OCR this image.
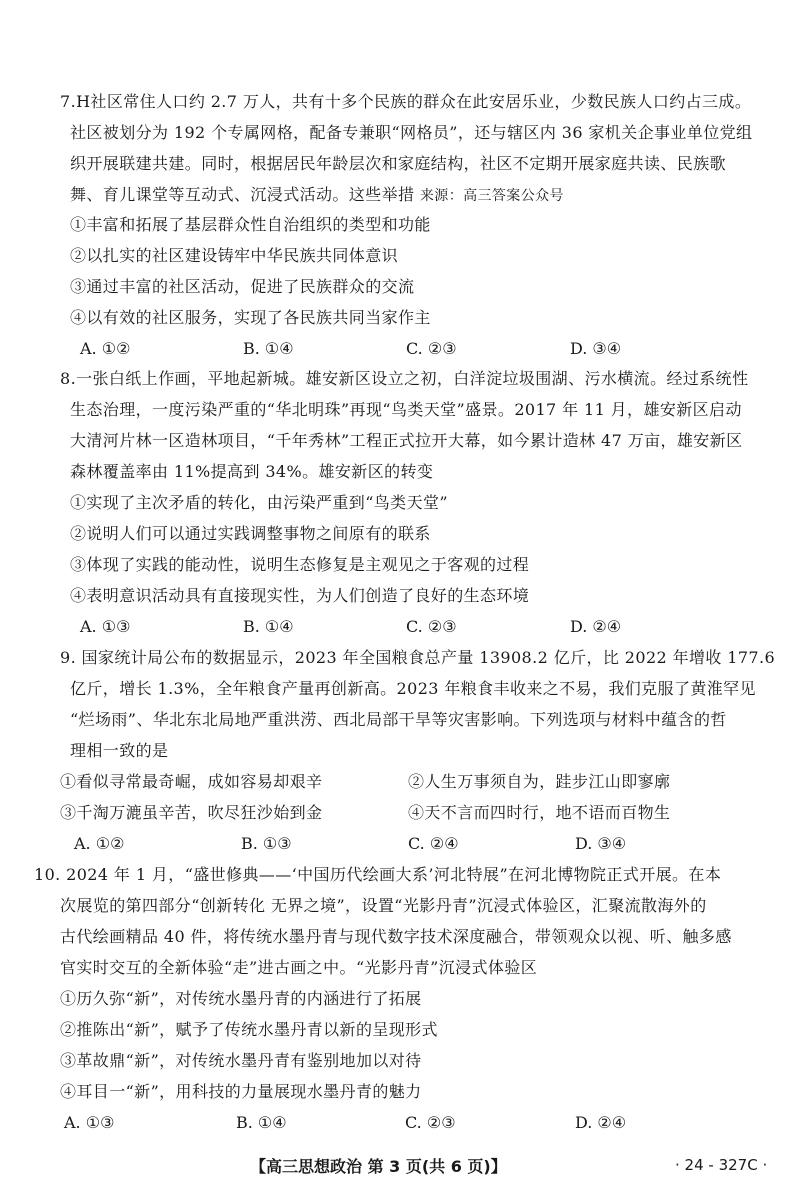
7.H社区常住人口约 2.7 万人，共有十多个民族的群众在此安居乐业，少数民族人口约占三成。
社区被划分为 192 个专属网格，配备专兼职“网格员”，还与辖区内 36 家机关企事业单位党组
织开展联建共建。同时，根据居民年龄层次和家庭结构，社区不定期开展家庭共读、民族歌
舞、育儿课堂等互动式、沉浸式活动。这些举措 来源：高三答案公众号
①丰富和拓展了基层群众性自治组织的类型和功能
②以扎实的社区建设铸牢中华民族共同体意识
③通过丰富的社区活动，促进了民族群众的交流
④以有效的社区服务，实现了各民族共同当家作主
A. ①②	B. ①④	C. ②③	D. ③④
8.一张白纸上作画，平地起新城。雄安新区设立之初，白洋淀垃圾围湖、污水横流。经过系统性
生态治理，一度污染严重的“华北明珠”再现“鸟类天堂”盛景。2017 年 11 月，雄安新区启动
大清河片林一区造林项目，“千年秀林”工程正式拉开大幕，如今累计造林 47 万亩，雄安新区
森林覆盖率由 11%提高到 34%。雄安新区的转变
①实现了主次矛盾的转化，由污染严重到“鸟类天堂”
②说明人们可以通过实践调整事物之间原有的联系
③体现了实践的能动性，说明生态修复是主观见之于客观的过程
④表明意识活动具有直接现实性，为人们创造了良好的生态环境
A. ①③	B. ①④	C. ②③	D. ②④
9. 国家统计局公布的数据显示，2023 年全国粮食总产量 13908.2 亿斤，比 2022 年增收 177.6
亿斤，增长 1.3%，全年粮食产量再创新高。2023 年粮食丰收来之不易，我们克服了黄淮罕见
“烂场雨”、华北东北局地严重洪涝、西北局部干旱等灾害影响。下列选项与材料中蕴含的哲
理相一致的是
①看似寻常最奇崛，成如容易却艰辛	②人生万事须自为，跬步江山即寥廓
③千淘万漉虽辛苦，吹尽狂沙始到金	④天不言而四时行，地不语而百物生
A. ①②	B. ①③	C. ②④	D. ③④
10. 2024 年 1 月，“盛世修典——‘中国历代绘画大系’河北特展”在河北博物院正式开展。在本
次展览的第四部分“创新转化 无界之境”，设置“光影丹青”沉浸式体验区，汇聚流散海外的
古代绘画精品 40 件，将传统水墨丹青与现代数字技术深度融合，带领观众以视、听、触多感
官实时交互的全新体验“走”进古画之中。“光影丹青”沉浸式体验区
①历久弥“新”，对传统水墨丹青的内涵进行了拓展
②推陈出“新”，赋予了传统水墨丹青以新的呈现形式
③革故鼎“新”，对传统水墨丹青有鉴别地加以对待
④耳目一“新”，用科技的力量展现水墨丹青的魅力
A. ①③	B. ①④	C. ②③	D. ②④
【高三思想政治 第 3 页(共 6 页)】	· 24 - 327C ·
